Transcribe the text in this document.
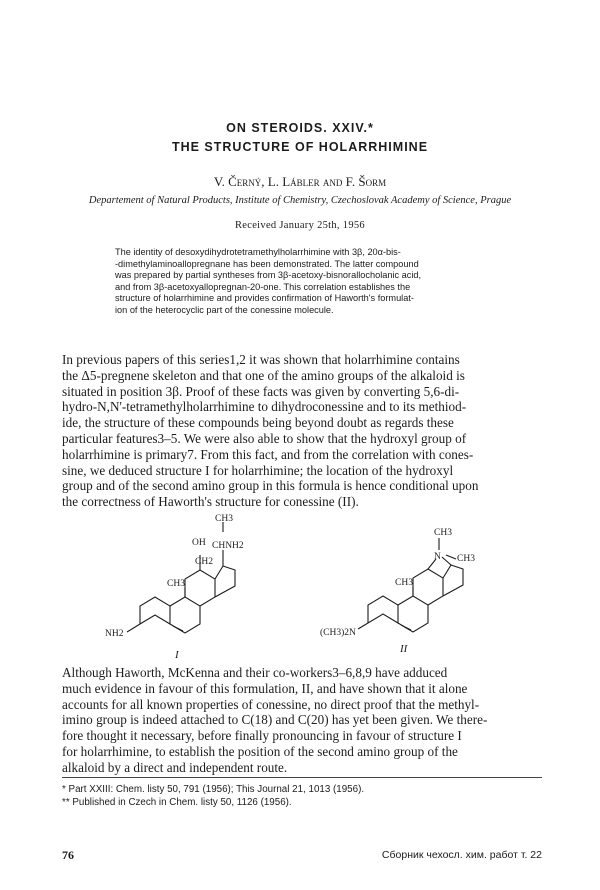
ON STEROIDS. XXIV.*
THE STRUCTURE OF HOLARRHIMINE
V. Černý, L. Lábler and F. Šorm
Departement of Natural Products, Institute of Chemistry, Czechoslovak Academy of Science, Prague
Received January 25th, 1956
The identity of desoxydihydrotetramethylholarrhimine with 3β, 20α-bis-
-dimethylaminoallopregnane has been demonstrated. The latter compound
was prepared by partial syntheses from 3β-acetoxy-bisnorallocholanic acid,
and from 3β-acetoxyallopregnan-20-one. This correlation establishes the
structure of holarrhimine and provides confirmation of Haworth's formulat-
ion of the heterocyclic part of the conessine molecule.
In previous papers of this series1,2 it was shown that holarrhimine contains
the Δ5-pregnene skeleton and that one of the amino groups of the alkaloid is
situated in position 3β. Proof of these facts was given by converting 5,6-di-
hydro-N,N'-tetramethylholarrhimine to dihydroconessine and to its methiod-
ide, the structure of these compounds being beyond doubt as regards these
particular features3–5. We were also able to show that the hydroxyl group of
holarrhimine is primary7. From this fact, and from the correlation with cones-
sine, we deduced structure I for holarrhimine; the location of the hydroxyl
group and of the second amino group in this formula is hence conditional upon
the correctness of Haworth's structure for conessine (II).
CH3
OH CHNH2
CH2
CH3
NH2
I
CH3
N CH3
CH3
(CH3)2N
II
Although Haworth, McKenna and their co-workers3–6,8,9 have adduced
much evidence in favour of this formulation, II, and have shown that it alone
accounts for all known properties of conessine, no direct proof that the methyl-
imino group is indeed attached to C(18) and C(20) has yet been given. We there-
fore thought it necessary, before finally pronouncing in favour of structure I
for holarrhimine, to establish the position of the second amino group of the
alkaloid by a direct and independent route.
* Part XXIII: Chem. listy 50, 791 (1956); This Journal 21, 1013 (1956).
** Published in Czech in Chem. listy 50, 1126 (1956).
76	Сборник чехосл. хим. работ т. 22
